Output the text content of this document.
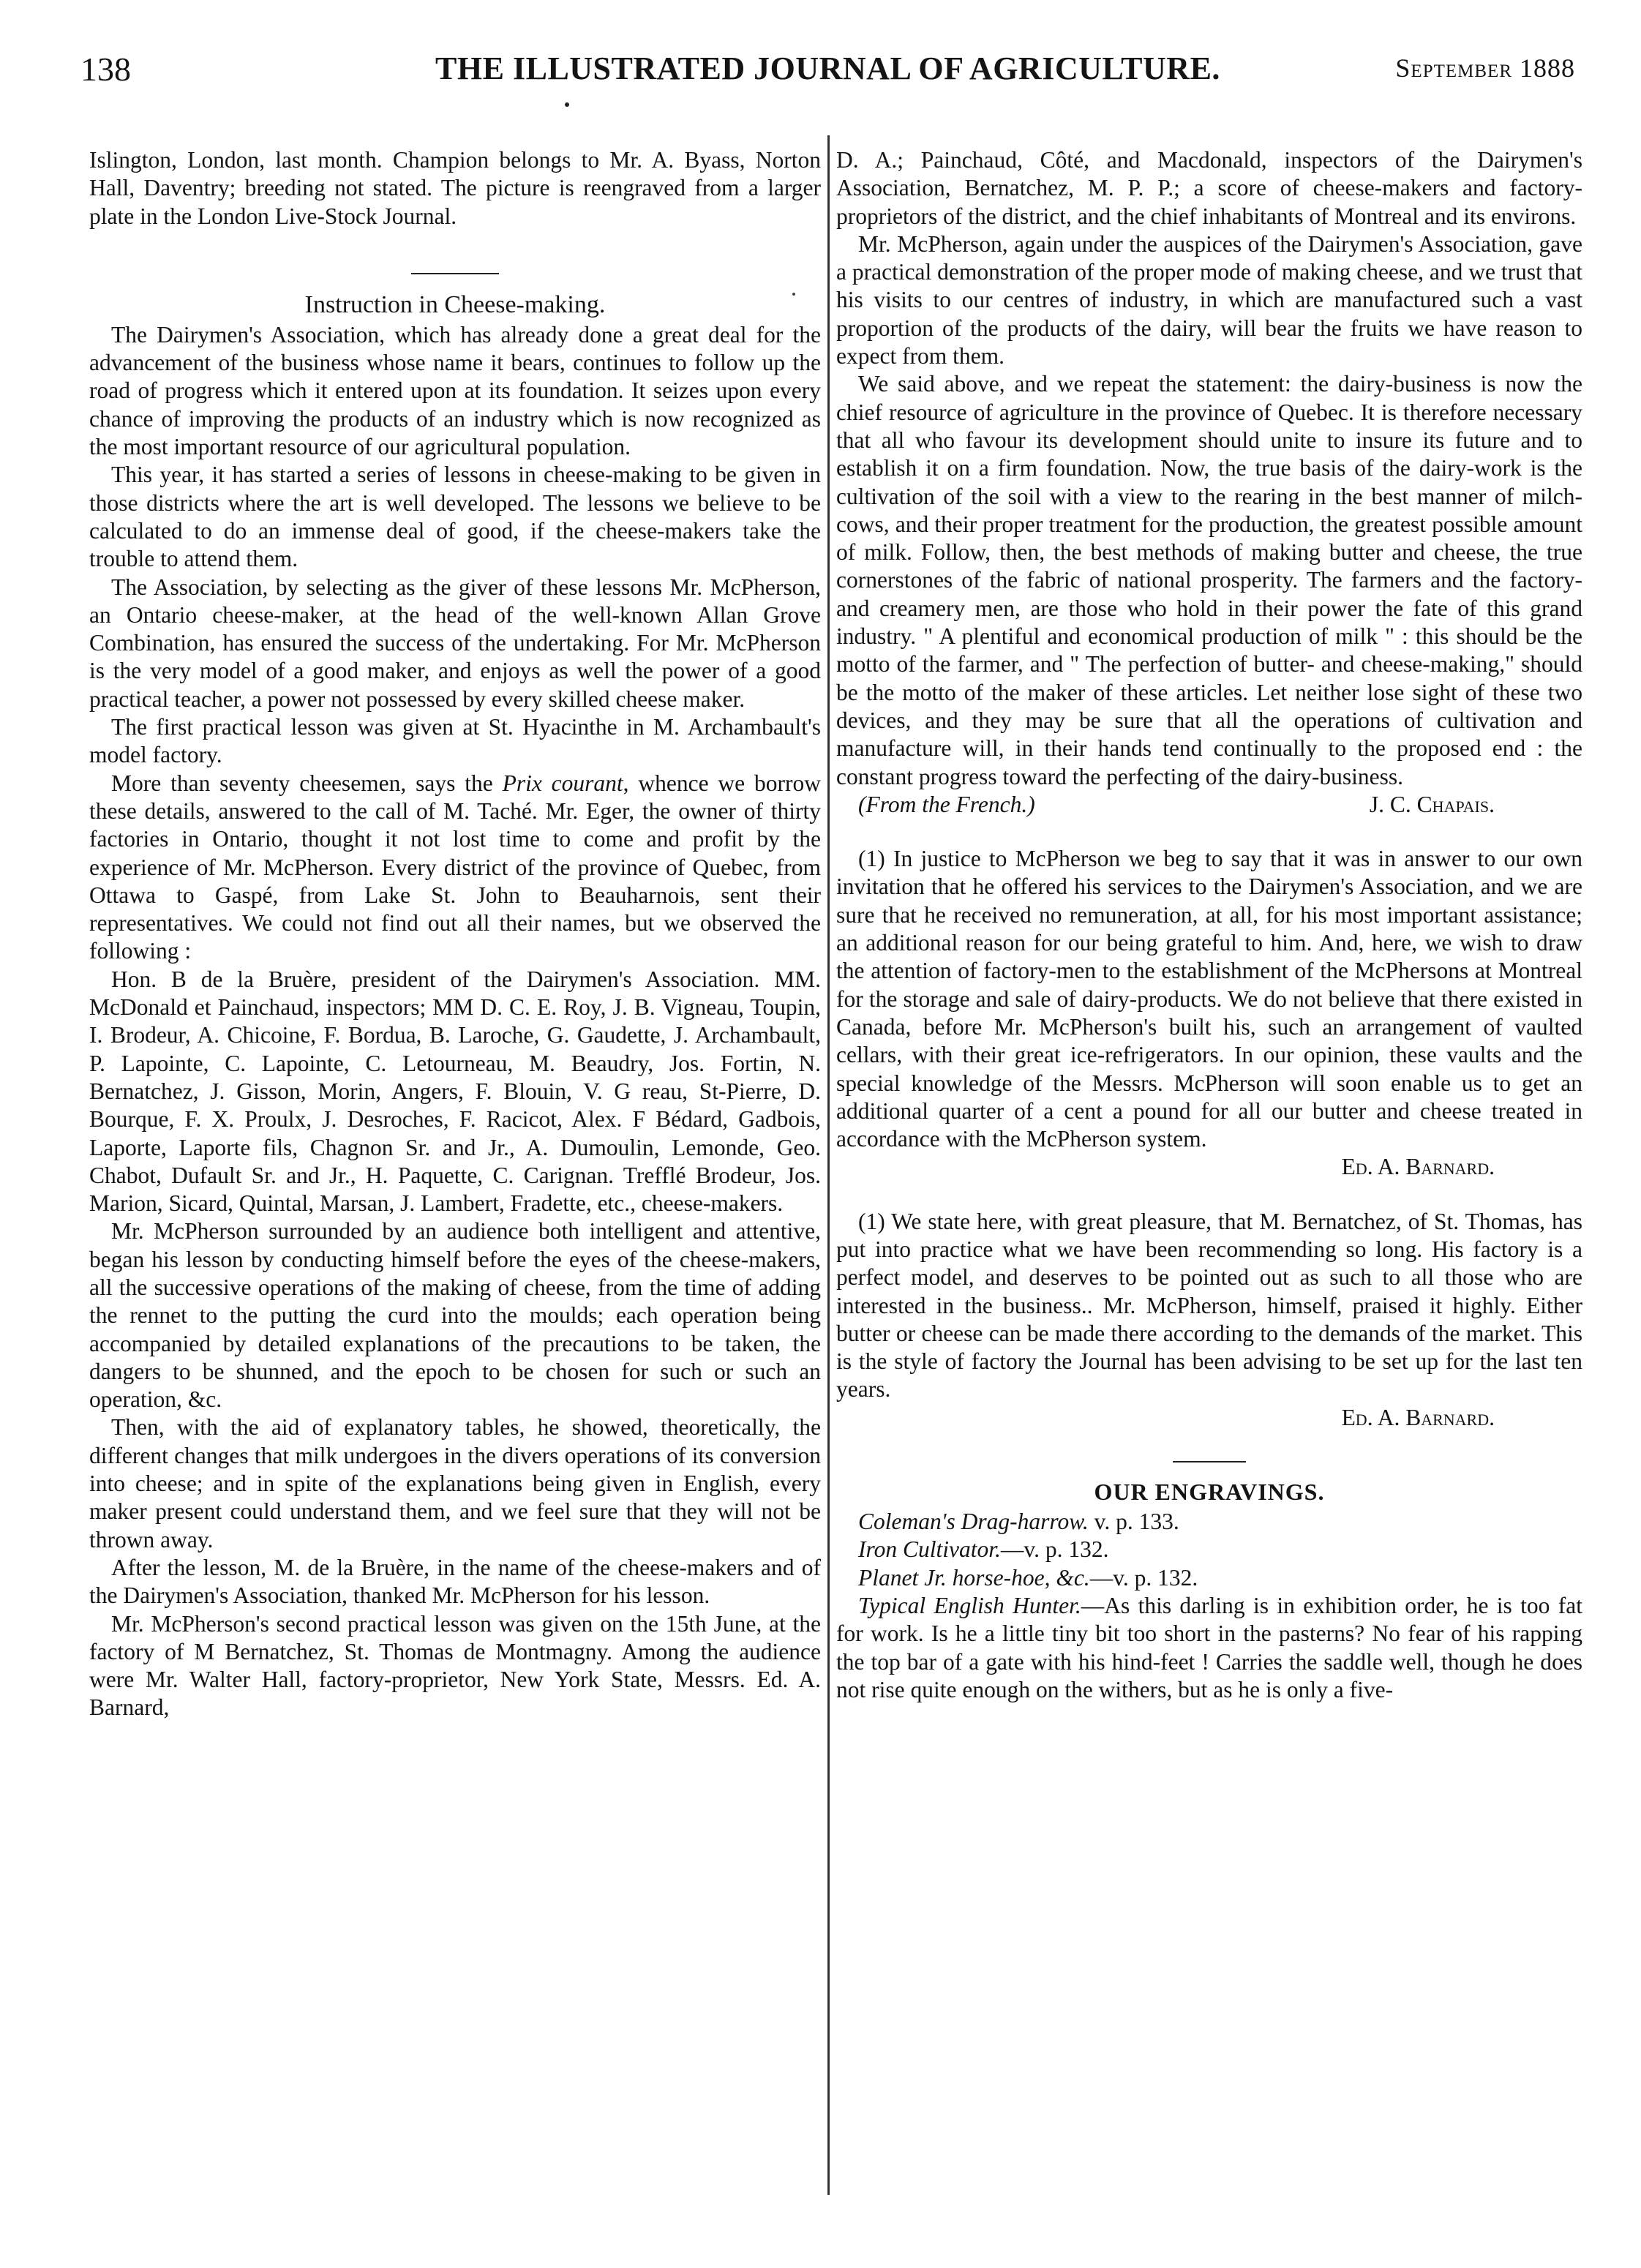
138	THE ILLUSTRATED JOURNAL OF AGRICULTURE.	September 1888

Islington, London, last month. Champion belongs to Mr. A. Byass, Norton Hall, Daventry; breeding not stated. The picture is reengraved from a larger plate in the London Live-Stock Journal.

Instruction in Cheese-making.

The Dairymen's Association, which has already done a great deal for the advancement of the business whose name it bears, continues to follow up the road of progress which it entered upon at its foundation. It seizes upon every chance of improving the products of an industry which is now recognized as the most important resource of our agricultural population.

This year, it has started a series of lessons in cheese-making to be given in those districts where the art is well developed. The lessons we believe to be calculated to do an immense deal of good, if the cheese-makers take the trouble to attend them.

The Association, by selecting as the giver of these lessons Mr. McPherson, an Ontario cheese-maker, at the head of the well-known Allan Grove Combination, has ensured the success of the undertaking. For Mr. McPherson is the very model of a good maker, and enjoys as well the power of a good practical teacher, a power not possessed by every skilled cheese maker.

The first practical lesson was given at St. Hyacinthe in M. Archambault's model factory.

More than seventy cheesemen, says the Prix courant, whence we borrow these details, answered to the call of M. Taché. Mr. Eger, the owner of thirty factories in Ontario, thought it not lost time to come and profit by the experience of Mr. McPherson. Every district of the province of Quebec, from Ottawa to Gaspé, from Lake St. John to Beauharnois, sent their representatives. We could not find out all their names, but we observed the following :

Hon. B de la Bruère, president of the Dairymen's Association. MM. McDonald et Painchaud, inspectors; MM D. C. E. Roy, J. B. Vigneau, Toupin, I. Brodeur, A. Chicoine, F. Bordua, B. Laroche, G. Gaudette, J. Archambault, P. Lapointe, C. Lapointe, C. Letourneau, M. Beaudry, Jos. Fortin, N. Bernatchez, J. Gisson, Morin, Angers, F. Blouin, V. G reau, St-Pierre, D. Bourque, F. X. Proulx, J. Desroches, F. Racicot, Alex. F Bédard, Gadbois, Laporte, Laporte fils, Chagnon Sr. and Jr., A. Dumoulin, Lemonde, Geo. Chabot, Dufault Sr. and Jr., H. Paquette, C. Carignan. Trefflé Brodeur, Jos. Marion, Sicard, Quintal, Marsan, J. Lambert, Fradette, etc., cheese-makers.

Mr. McPherson surrounded by an audience both intelligent and attentive, began his lesson by conducting himself before the eyes of the cheese-makers, all the successive operations of the making of cheese, from the time of adding the rennet to the putting the curd into the moulds; each operation being accompanied by detailed explanations of the precautions to be taken, the dangers to be shunned, and the epoch to be chosen for such or such an operation, &c.

Then, with the aid of explanatory tables, he showed, theoretically, the different changes that milk undergoes in the divers operations of its conversion into cheese; and in spite of the explanations being given in English, every maker present could understand them, and we feel sure that they will not be thrown away.

After the lesson, M. de la Bruère, in the name of the cheese-makers and of the Dairymen's Association, thanked Mr. McPherson for his lesson.

Mr. McPherson's second practical lesson was given on the 15th June, at the factory of M Bernatchez, St. Thomas de Montmagny. Among the audience were Mr. Walter Hall, factory-proprietor, New York State, Messrs. Ed. A. Barnard,

D. A.; Painchaud, Côté, and Macdonald, inspectors of the Dairymen's Association, Bernatchez, M. P. P.; a score of cheese-makers and factory-proprietors of the district, and the chief inhabitants of Montreal and its environs.

Mr. McPherson, again under the auspices of the Dairymen's Association, gave a practical demonstration of the proper mode of making cheese, and we trust that his visits to our centres of industry, in which are manufactured such a vast proportion of the products of the dairy, will bear the fruits we have reason to expect from them.

We said above, and we repeat the statement: the dairy-business is now the chief resource of agriculture in the province of Quebec. It is therefore necessary that all who favour its development should unite to insure its future and to establish it on a firm foundation. Now, the true basis of the dairy-work is the cultivation of the soil with a view to the rearing in the best manner of milch-cows, and their proper treatment for the production, the greatest possible amount of milk. Follow, then, the best methods of making butter and cheese, the true cornerstones of the fabric of national prosperity. The farmers and the factory- and creamery men, are those who hold in their power the fate of this grand industry. " A plentiful and economical production of milk " : this should be the motto of the farmer, and " The perfection of butter- and cheese-making," should be the motto of the maker of these articles. Let neither lose sight of these two devices, and they may be sure that all the operations of cultivation and manufacture will, in their hands tend continually to the proposed end : the constant progress toward the perfecting of the dairy-business.

(From the French.)	J. C. Chapais.

(1) In justice to McPherson we beg to say that it was in answer to our own invitation that he offered his services to the Dairymen's Association, and we are sure that he received no remuneration, at all, for his most important assistance; an additional reason for our being grateful to him. And, here, we wish to draw the attention of factory-men to the establishment of the McPhersons at Montreal for the storage and sale of dairy-products. We do not believe that there existed in Canada, before Mr. McPherson's built his, such an arrangement of vaulted cellars, with their great ice-refrigerators. In our opinion, these vaults and the special knowledge of the Messrs. McPherson will soon enable us to get an additional quarter of a cent a pound for all our butter and cheese treated in accordance with the McPherson system.

Ed. A. Barnard.

(1) We state here, with great pleasure, that M. Bernatchez, of St. Thomas, has put into practice what we have been recommending so long. His factory is a perfect model, and deserves to be pointed out as such to all those who are interested in the business.. Mr. McPherson, himself, praised it highly. Either butter or cheese can be made there according to the demands of the market. This is the style of factory the Journal has been advising to be set up for the last ten years.

Ed. A. Barnard.

OUR ENGRAVINGS.

Coleman's Drag-harrow. v. p. 133.

Iron Cultivator.—v. p. 132.

Planet Jr. horse-hoe, &c.—v. p. 132.

Typical English Hunter.—As this darling is in exhibition order, he is too fat for work. Is he a little tiny bit too short in the pasterns? No fear of his rapping the top bar of a gate with his hind-feet ! Carries the saddle well, though he does not rise quite enough on the withers, but as he is only a five-
